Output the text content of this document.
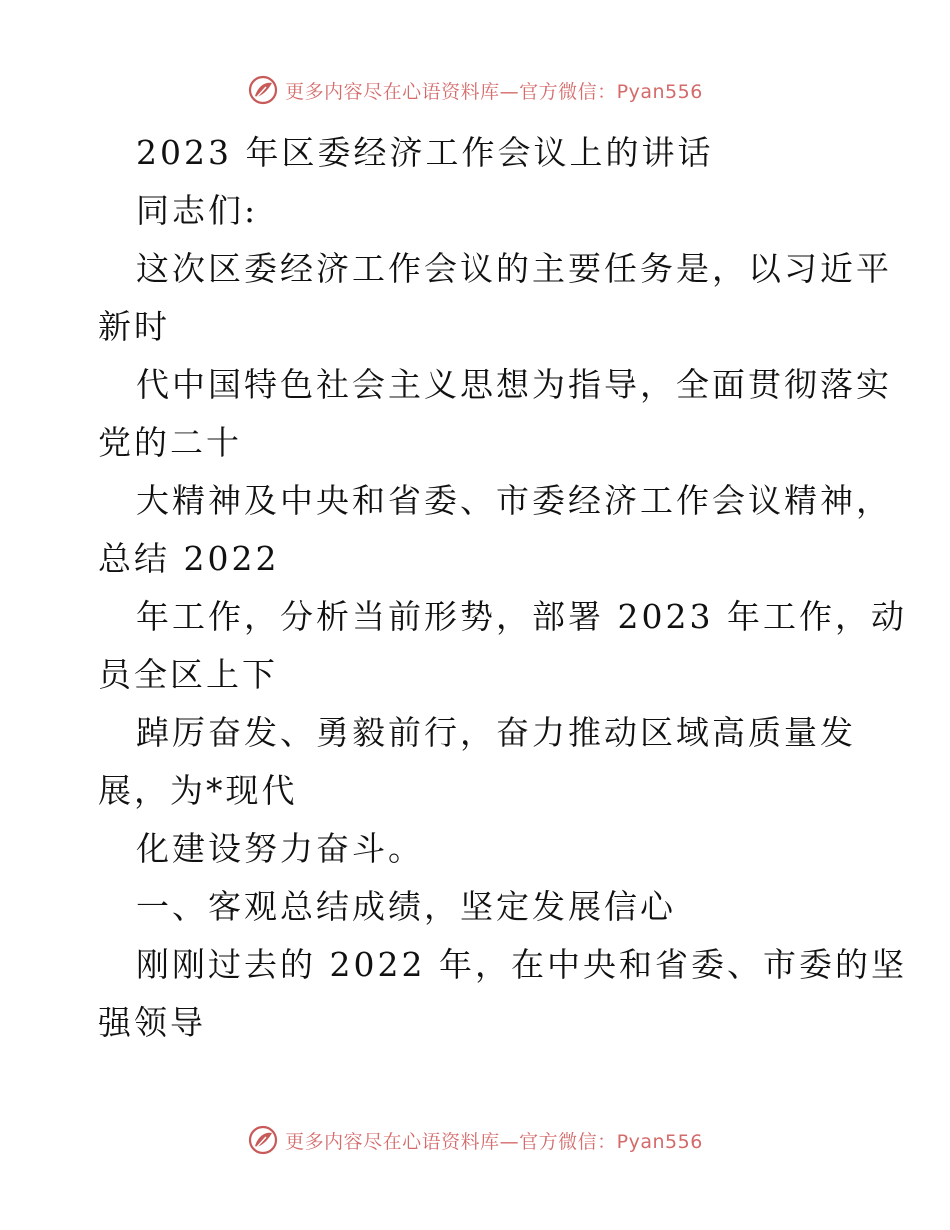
更多内容尽在心语资料库—官方微信：Pyan556
2023 年区委经济工作会议上的讲话
同志们:
这次区委经济工作会议的主要任务是，以习近平
新时
代中国特色社会主义思想为指导，全面贯彻落实
党的二十
大精神及中央和省委、市委经济工作会议精神，
总结 2022
年工作，分析当前形势，部署 2023 年工作，动
员全区上下
踔厉奋发、勇毅前行，奋力推动区域高质量发
展，为*现代
化建设努力奋斗。
一、客观总结成绩，坚定发展信心
刚刚过去的 2022 年，在中央和省委、市委的坚
强领导
更多内容尽在心语资料库—官方微信：Pyan556
